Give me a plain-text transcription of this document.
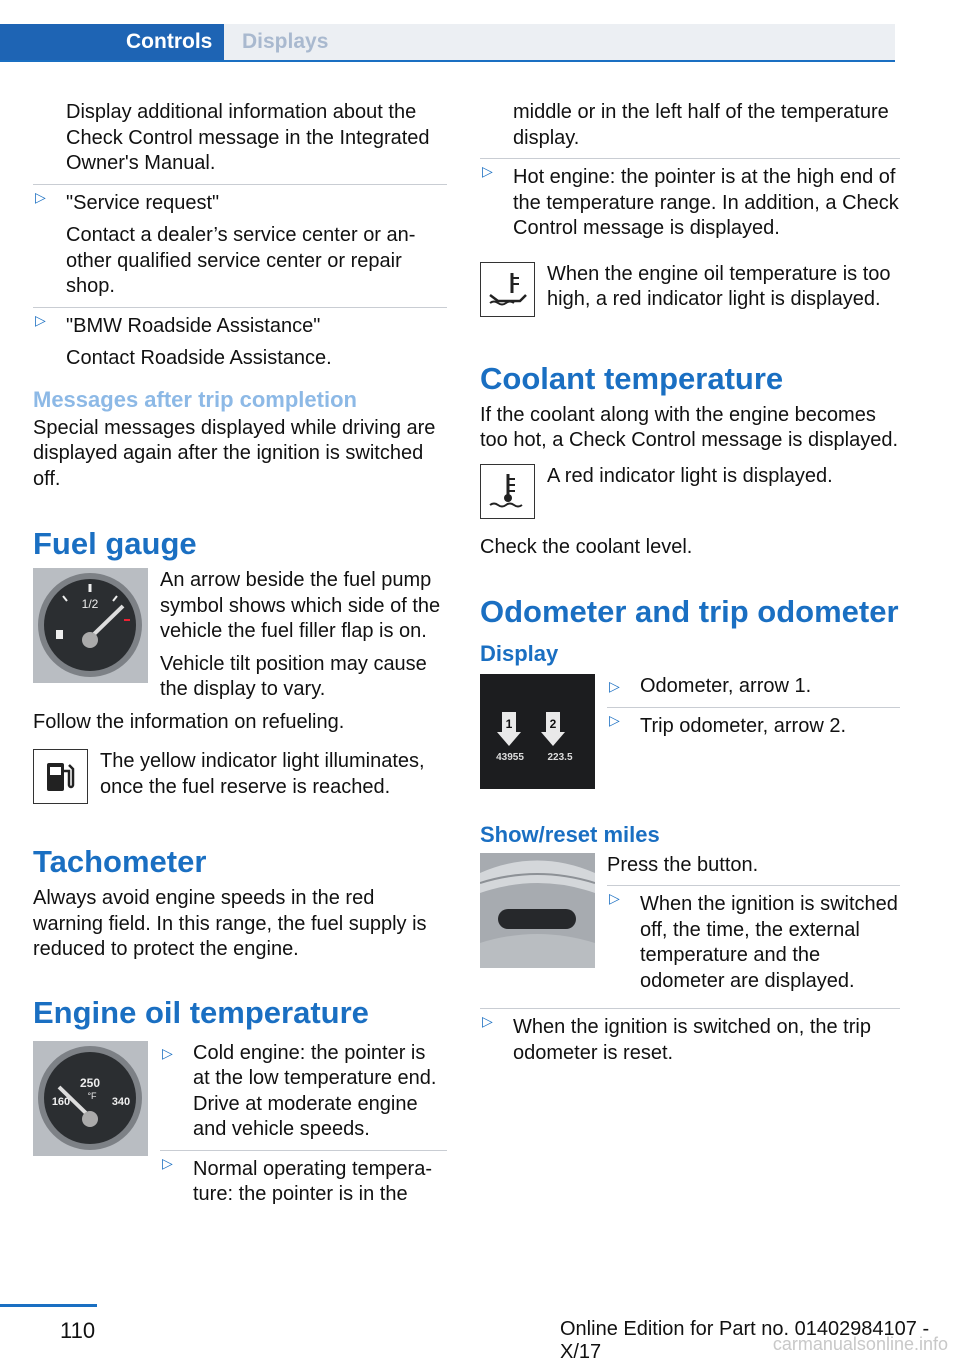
Controls	Displays

Display additional information about the Check Control message in the Integrated Owner's Manual.

▷ "Service request"
Contact a dealer’s service center or an-other qualified service center or repair shop.
▷ "BMW Roadside Assistance"
Contact Roadside Assistance.
Messages after trip completion

Special messages displayed while driving are displayed again after the ignition is switched off.

Fuel gauge
1/2

An arrow beside the fuel pump symbol shows which side of the vehicle the fuel filler flap is on.

Vehicle tilt position may cause the display to vary.

Follow the information on refueling.

The yellow indicator light illuminates, once the fuel reserve is reached.
Tachometer

Always avoid engine speeds in the red warning field. In this range, the fuel supply is reduced to protect the engine.

Engine oil temperature
250
°F
160	340
▷ Cold engine: the pointer is at the low temperature end. Drive at moderate engine and vehicle speeds.
▷ Normal operating tempera-ture: the pointer is in the

middle or in the left half of the temperature display.

▷ Hot engine: the pointer is at the high end of the temperature range. In addition, a Check Control message is displayed.
When the engine oil temperature is too high, a red indicator light is displayed.
Coolant temperature

If the coolant along with the engine becomes too hot, a Check Control message is displayed.

A red indicator light is displayed.

Check the coolant level.

Odometer and trip odometer
Display
1	2
43955 223.5
▷ Odometer, arrow 1.
▷ Trip odometer, arrow 2.
Show/reset miles

Press the button.

▷ When the ignition is switched off, the time, the external temperature and the odometer are displayed.
▷ When the ignition is switched on, the trip odometer is reset.
110	Online Edition for Part no. 01402984107 - X/17	carmanualsonline.info
